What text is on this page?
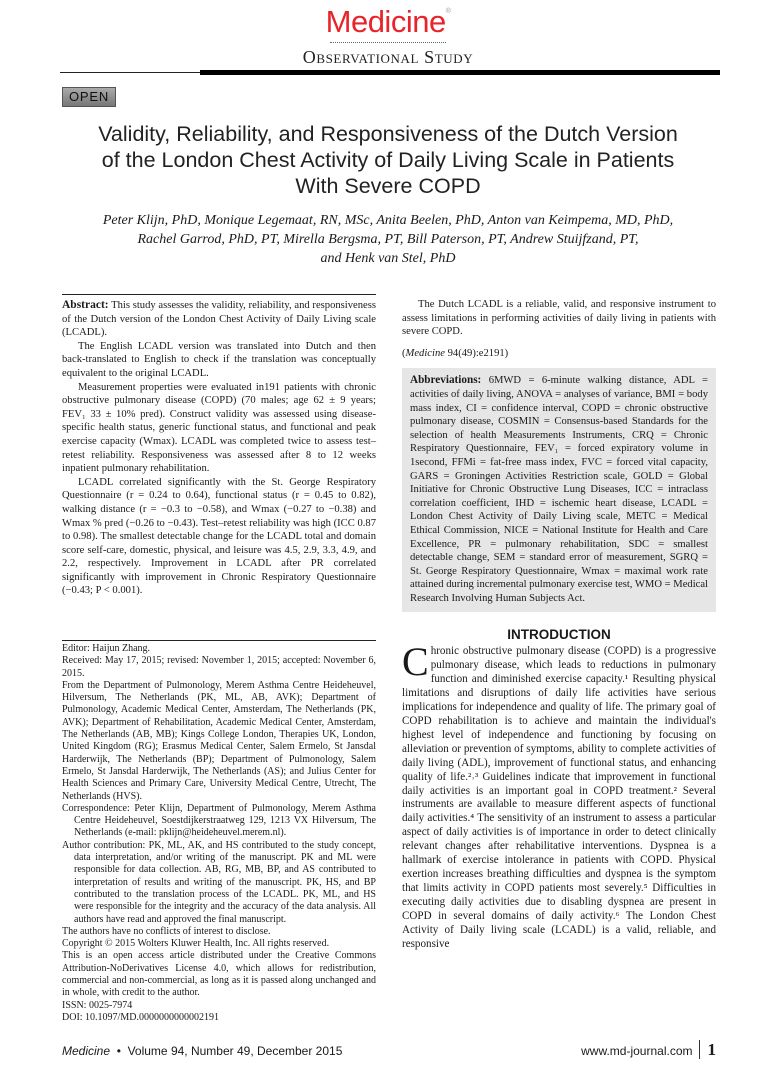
Medicine®
Observational Study
OPEN
Validity, Reliability, and Responsiveness of the Dutch Version
of the London Chest Activity of Daily Living Scale in Patients
With Severe COPD
Peter Klijn, PhD, Monique Legemaat, RN, MSc, Anita Beelen, PhD, Anton van Keimpema, MD, PhD,
Rachel Garrod, PhD, PT, Mirella Bergsma, PT, Bill Paterson, PT, Andrew Stuijfzand, PT,
and Henk van Stel, PhD

Abstract: This study assesses the validity, reliability, and responsiveness of the Dutch version of the London Chest Activity of Daily Living scale (LCADL).

The English LCADL version was translated into Dutch and then back-translated to English to check if the translation was conceptually equivalent to the original LCADL.

Measurement properties were evaluated in191 patients with chronic obstructive pulmonary disease (COPD) (70 males; age 62 ± 9 years; FEV₁ 33 ± 10% pred). Construct validity was assessed using disease-specific health status, generic functional status, and functional and peak exercise capacity (Wmax). LCADL was completed twice to assess test–retest reliability. Responsiveness was assessed after 8 to 12 weeks inpatient pulmonary rehabilitation.

LCADL correlated significantly with the St. George Respiratory Questionnaire (r = 0.24 to 0.64), functional status (r = 0.45 to 0.82), walking distance (r = −0.3 to −0.58), and Wmax (−0.27 to −0.38) and Wmax % pred (−0.26 to −0.43). Test–retest reliability was high (ICC 0.87 to 0.98). The smallest detectable change for the LCADL total and domain score self-care, domestic, physical, and leisure was 4.5, 2.9, 3.3, 4.9, and 2.2, respectively. Improvement in LCADL after PR correlated significantly with improvement in Chronic Respiratory Questionnaire (−0.43; P < 0.001).

Editor: Haijun Zhang.

Received: May 17, 2015; revised: November 1, 2015; accepted: November 6, 2015.

From the Department of Pulmonology, Merem Asthma Centre Heideheuvel, Hilversum, The Netherlands (PK, ML, AB, AVK); Department of Pulmonology, Academic Medical Center, Amsterdam, The Netherlands (PK, AVK); Department of Rehabilitation, Academic Medical Center, Amsterdam, The Netherlands (AB, MB); Kings College London, Therapies UK, London, United Kingdom (RG); Erasmus Medical Center, Salem Ermelo, St Jansdal Harderwijk, The Netherlands (BP); Department of Pulmonology, Salem Ermelo, St Jansdal Harderwijk, The Netherlands (AS); and Julius Center for Health Sciences and Primary Care, University Medical Centre, Utrecht, The Netherlands (HVS).

Correspondence: Peter Klijn, Department of Pulmonology, Merem Asthma Centre Heideheuvel, Soestdijkerstraatweg 129, 1213 VX Hilversum, The Netherlands (e-mail: pklijn@heideheuvel.merem.nl).

Author contribution: PK, ML, AK, and HS contributed to the study concept, data interpretation, and/or writing of the manuscript. PK and ML were responsible for data collection. AB, RG, MB, BP, and AS contributed to interpretation of results and writing of the manuscript. PK, HS, and BP contributed to the translation process of the LCADL. PK, ML, and HS were responsible for the integrity and the accuracy of the data analysis. All authors have read and approved the final manuscript.

The authors have no conflicts of interest to disclose.

Copyright © 2015 Wolters Kluwer Health, Inc. All rights reserved.

This is an open access article distributed under the Creative Commons Attribution-NoDerivatives License 4.0, which allows for redistribution, commercial and non-commercial, as long as it is passed along unchanged and in whole, with credit to the author.

ISSN: 0025-7974

DOI: 10.1097/MD.0000000000002191

The Dutch LCADL is a reliable, valid, and responsive instrument to assess limitations in performing activities of daily living in patients with severe COPD.

(Medicine 94(49):e2191)

Abbreviations: 6MWD = 6-minute walking distance, ADL = activities of daily living, ANOVA = analyses of variance, BMI = body mass index, CI = confidence interval, COPD = chronic obstructive pulmonary disease, COSMIN = Consensus-based Standards for the selection of health Measurements Instruments, CRQ = Chronic Respiratory Questionnaire, FEV₁ = forced expiratory volume in 1second, FFMi = fat-free mass index, FVC = forced vital capacity, GARS = Groningen Activities Restriction scale, GOLD = Global Initiative for Chronic Obstructive Lung Diseases, ICC = intraclass correlation coefficient, IHD = ischemic heart disease, LCADL = London Chest Activity of Daily Living scale, METC = Medical Ethical Commission, NICE = National Institute for Health and Care Excellence, PR = pulmonary rehabilitation, SDC = smallest detectable change, SEM = standard error of measurement, SGRQ = St. George Respiratory Questionnaire, Wmax = maximal work rate attained during incremental pulmonary exercise test, WMO = Medical Research Involving Human Subjects Act.

INTRODUCTION

Chronic obstructive pulmonary disease (COPD) is a progressive pulmonary disease, which leads to reductions in pulmonary function and diminished exercise capacity.¹ Resulting physical limitations and disruptions of daily life activities have serious implications for independence and quality of life. The primary goal of COPD rehabilitation is to achieve and maintain the individual's highest level of independence and functioning by focusing on alleviation or prevention of symptoms, ability to complete activities of daily living (ADL), improvement of functional status, and enhancing quality of life.²˒³ Guidelines indicate that improvement in functional daily activities is an important goal in COPD treatment.² Several instruments are available to measure different aspects of functional daily activities.⁴ The sensitivity of an instrument to assess a particular aspect of daily activities is of importance in order to detect clinically relevant changes after rehabilitative interventions. Dyspnea is a hallmark of exercise intolerance in patients with COPD. Physical exertion increases breathing difficulties and dyspnea is the symptom that limits activity in COPD patients most severely.⁵ Difficulties in executing daily activities due to disabling dyspnea are present in COPD in several domains of daily activity.⁶ The London Chest Activity of Daily living scale (LCADL) is a valid, reliable, and responsive

Medicine  •  Volume 94, Number 49, December 2015	www.md-journal.com 1
